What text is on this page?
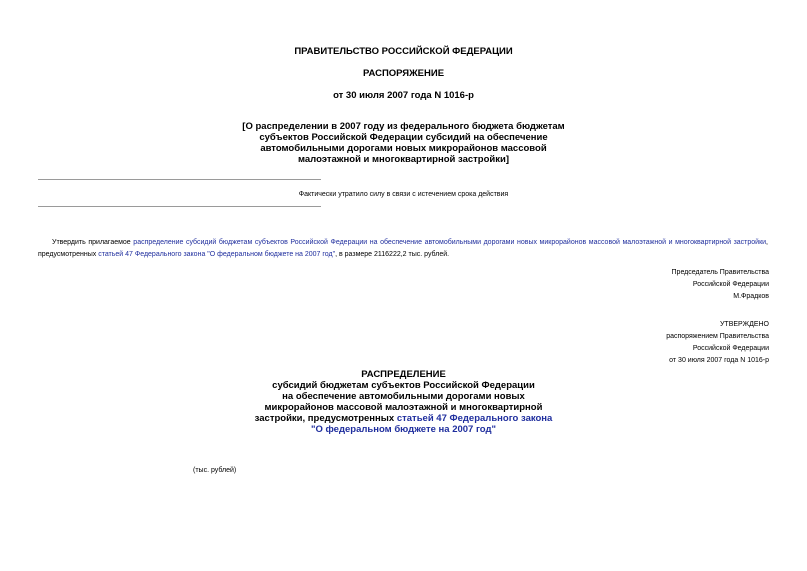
ПРАВИТЕЛЬСТВО РОССИЙСКОЙ ФЕДЕРАЦИИ
РАСПОРЯЖЕНИЕ
от 30 июля 2007 года N 1016-р
[О распределении в 2007 году из федерального бюджета бюджетам
субъектов Российской Федерации субсидий на обеспечение
автомобильными дорогами новых микрорайонов массовой
малоэтажной и многоквартирной застройки]
Фактически утратило силу в связи с истечением срока действия
Утвердить прилагаемое распределение субсидий бюджетам субъектов Российской Федерации на обеспечение автомобильными дорогами новых микрорайонов массовой малоэтажной и многоквартирной застройки, предусмотренных статьей 47 Федерального закона "О федеральном бюджете на 2007 год", в размере 2116222,2 тыс. рублей.
Председатель Правительства
Российской Федерации
М.Фрадков
УТВЕРЖДЕНО
распоряжением Правительства
Российской Федерации
от 30 июля 2007 года N 1016-р
РАСПРЕДЕЛЕНИЕ
субсидий бюджетам субъектов Российской Федерации
на обеспечение автомобильными дорогами новых
микрорайонов массовой малоэтажной и многоквартирной
застройки, предусмотренных статьей 47 Федерального закона
"О федеральном бюджете на 2007 год"
(тыс. рублей)
